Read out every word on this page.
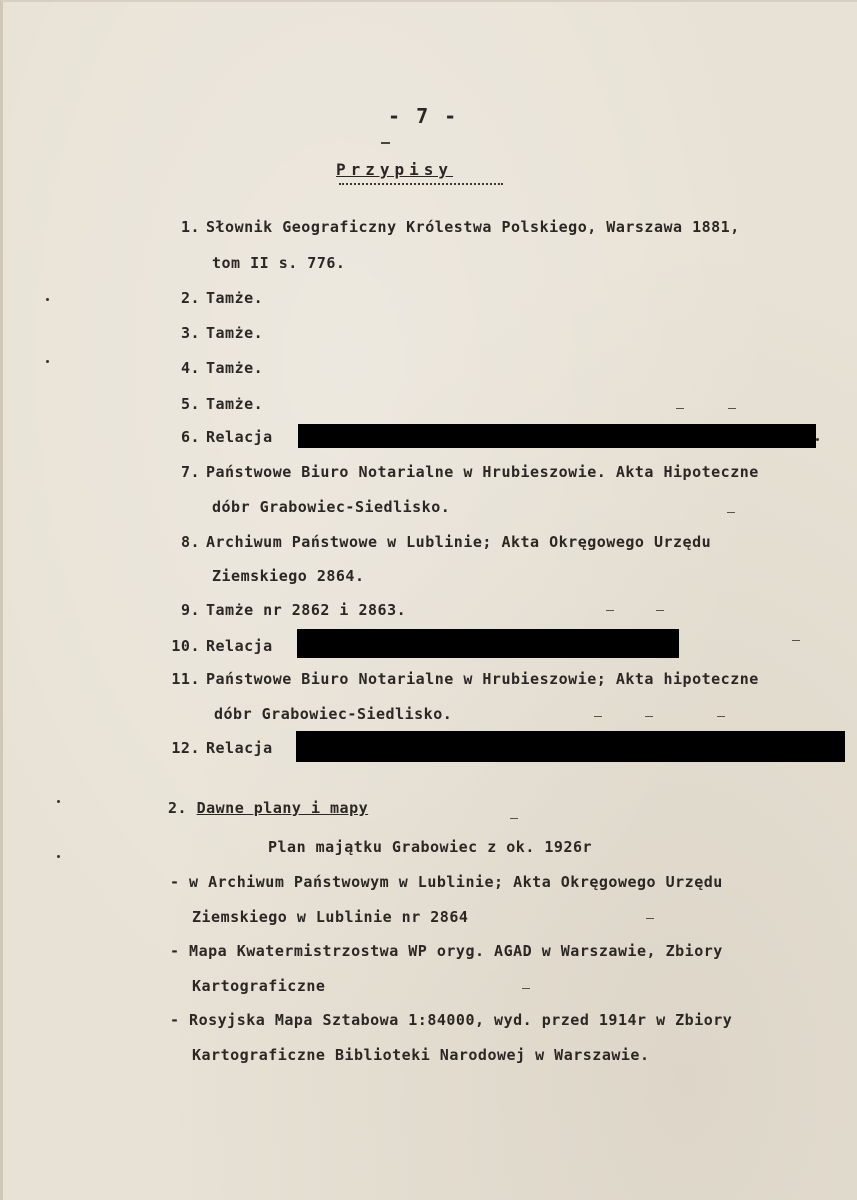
- 7 -
Przypisy
1. Słownik Geograficzny Królestwa Polskiego, Warszawa 1881,
tom II s. 776.
2. Tamże.
3. Tamże.
4. Tamże.
5. Tamże.
6. Relacja
7. Państwowe Biuro Notarialne w Hrubieszowie. Akta Hipoteczne
dóbr Grabowiec-Siedlisko.
8. Archiwum Państwowe w Lublinie; Akta Okręgowego Urzędu
Ziemskiego 2864.
9. Tamże nr 2862 i 2863.
10. Relacja
11. Państwowe Biuro Notarialne w Hrubieszowie; Akta hipoteczne
dóbr Grabowiec-Siedlisko.
12. Relacja
2. Dawne plany i mapy
Plan majątku Grabowiec z ok. 1926r
- w Archiwum Państwowym w Lublinie; Akta Okręgowego Urzędu
Ziemskiego w Lublinie nr 2864
- Mapa Kwatermistrzostwa WP oryg. AGAD w Warszawie, Zbiory
Kartograficzne
- Rosyjska Mapa Sztabowa 1:84000, wyd. przed 1914r w Zbiory
Kartograficzne Biblioteki Narodowej w Warszawie.
